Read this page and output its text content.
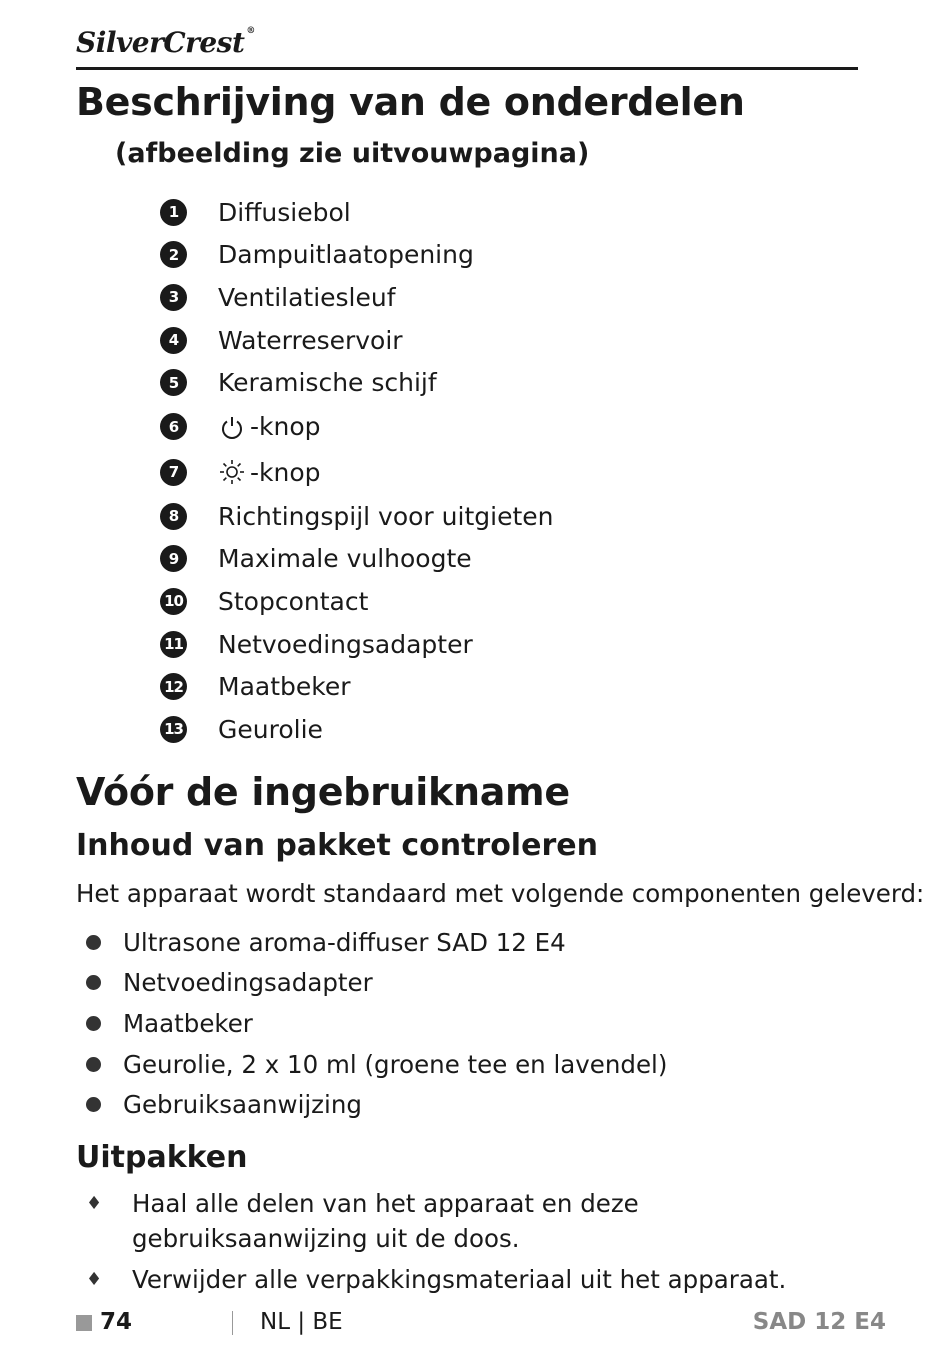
SilverCrest ®
Beschrijving van de onderdelen
(afbeelding zie uitvouwpagina)
1	Diffusiebol
2	Dampuitlaatopening
3	Ventilatiesleuf
4	Waterreservoir
5	Keramische schijf
6	-knop
7	-knop
8	Richtingspijl voor uitgieten
9	Maximale vulhoogte
10 Stopcontact
11 Netvoedingsadapter
12 Maatbeker
13 Geurolie
Vóór de ingebruikname
Inhoud van pakket controleren
Het apparaat wordt standaard met volgende componenten geleverd:
Ultrasone aroma-diffuser SAD 12 E4
Netvoedingsadapter
Maatbeker
Geurolie, 2 x 10 ml (groene tee en lavendel)
Gebruiksaanwijzing
Uitpakken
♦	Haal alle delen van het apparaat en deze gebruiksaanwijzing uit de doos.
♦	Verwijder alle verpakkingsmateriaal uit het apparaat.
74	NL | BE	SAD 12 E4
